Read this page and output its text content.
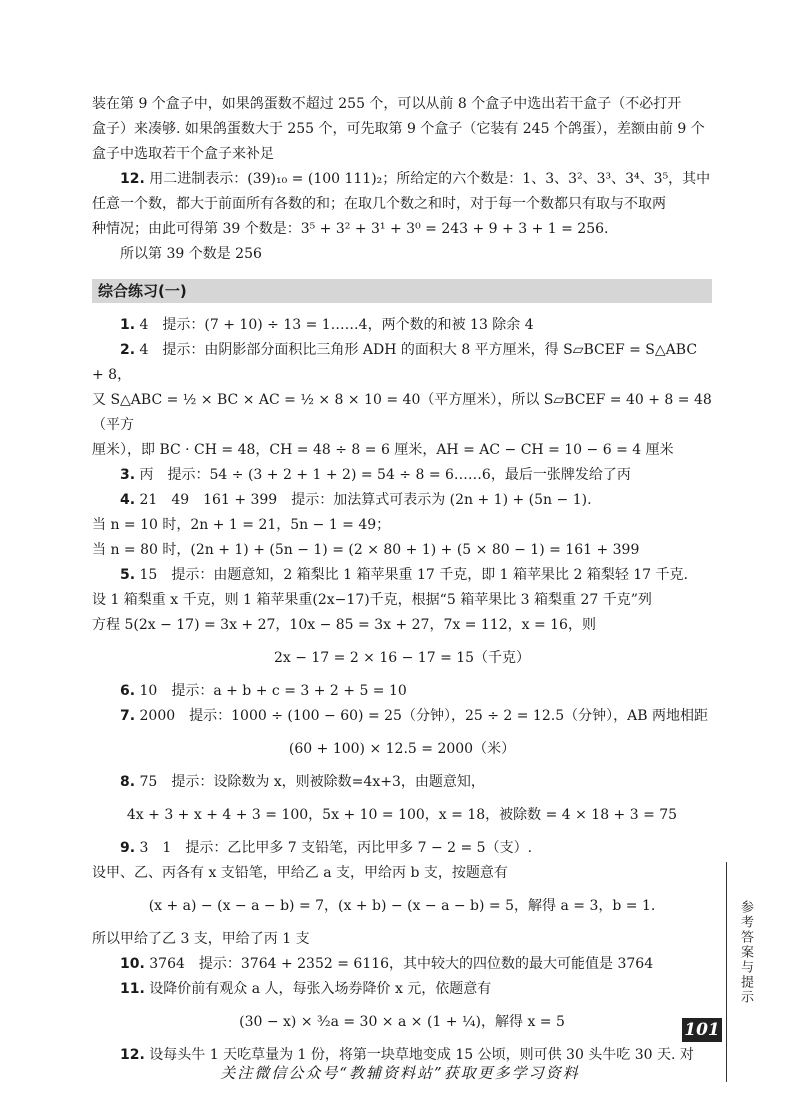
装在第 9 个盒子中，如果鸽蛋数不超过 255 个，可以从前 8 个盒子中选出若干盒子（不必打开

盒子）来凑够. 如果鸽蛋数大于 255 个，可先取第 9 个盒子（它装有 245 个鸽蛋），差额由前 9 个

盒子中选取若干个盒子来补足

12. 用二进制表示：(39)₁₀ = (100 111)₂；所给定的六个数是：1、3、3²、3³、3⁴、3⁵，其中

任意一个数，都大于前面所有各数的和；在取几个数之和时，对于每一个数都只有取与不取两

种情况；由此可得第 39 个数是：3⁵ + 3² + 3¹ + 3⁰ = 243 + 9 + 3 + 1 = 256.

所以第 39 个数是 256

综合练习(一)

1. 4　提示：(7 + 10) ÷ 13 = 1……4，两个数的和被 13 除余 4

2. 4　提示：由阴影部分面积比三角形 ADH 的面积大 8 平方厘米，得 S▱BCEF = S△ABC + 8，

又 S△ABC = ½ × BC × AC = ½ × 8 × 10 = 40（平方厘米），所以 S▱BCEF = 40 + 8 = 48（平方

厘米），即 BC · CH = 48，CH = 48 ÷ 8 = 6 厘米，AH = AC − CH = 10 − 6 = 4 厘米

3. 丙　提示：54 ÷ (3 + 2 + 1 + 2) = 54 ÷ 8 = 6……6，最后一张牌发给了丙

4. 21　49　161 + 399　提示：加法算式可表示为 (2n + 1) + (5n − 1).

当 n = 10 时，2n + 1 = 21，5n − 1 = 49；

当 n = 80 时，(2n + 1) + (5n − 1) = (2 × 80 + 1) + (5 × 80 − 1) = 161 + 399

5. 15　提示：由题意知，2 箱梨比 1 箱苹果重 17 千克，即 1 箱苹果比 2 箱梨轻 17 千克.

设 1 箱梨重 x 千克，则 1 箱苹果重(2x−17)千克，根据“5 箱苹果比 3 箱梨重 27 千克”列

方程 5(2x − 17) = 3x + 27，10x − 85 = 3x + 27，7x = 112，x = 16，则

2x − 17 = 2 × 16 − 17 = 15（千克）

6. 10　提示：a + b + c = 3 + 2 + 5 = 10

7. 2000　提示：1000 ÷ (100 − 60) = 25（分钟），25 ÷ 2 = 12.5（分钟），AB 两地相距

(60 + 100) × 12.5 = 2000（米）

8. 75　提示：设除数为 x，则被除数=4x+3，由题意知，

4x + 3 + x + 4 + 3 = 100，5x + 10 = 100，x = 18，被除数 = 4 × 18 + 3 = 75

9. 3　1　提示：乙比甲多 7 支铅笔，丙比甲多 7 − 2 = 5（支）.

设甲、乙、丙各有 x 支铅笔，甲给乙 a 支，甲给丙 b 支，按题意有

(x + a) − (x − a − b) = 7，(x + b) − (x − a − b) = 5，解得 a = 3，b = 1.

所以甲给了乙 3 支，甲给了丙 1 支

10. 3764　提示：3764 + 2352 = 6116，其中较大的四位数的最大可能值是 3764

11. 设降价前有观众 a 人，每张入场券降价 x 元，依题意有

(30 − x) × ³⁄₂a = 30 × a × (1 + ¼)，解得 x = 5

12. 设每头牛 1 天吃草量为 1 份，将第一块草地变成 15 公顷，则可供 30 头牛吃 30 天. 对

参考答案与提示
101
关注微信公众号“教辅资料站”获取更多学习资料
